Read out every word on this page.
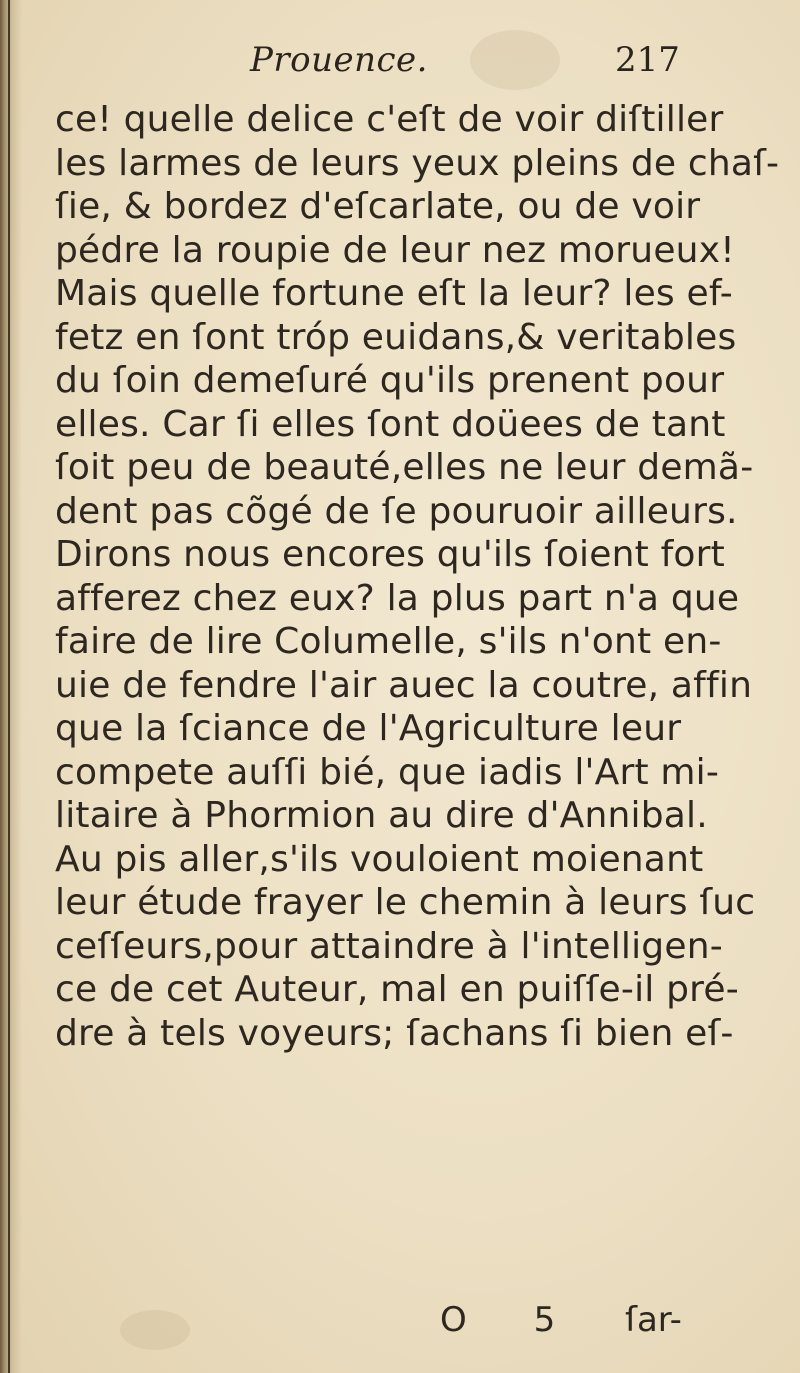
Prouence.	217
ce! quelle delice c'eſt de voir diſtiller
les larmes de leurs yeux pleins de chaſ-
ſie, & bordez d'eſcarlate, ou de voir
pédre la roupie de leur nez morueux!
Mais quelle fortune eſt la leur? les ef-
fetz en ſont tróp euidans,& veritables
du ſoin demeſuré qu'ils prenent pour
elles. Car ſi elles ſont doüees de tant
ſoit peu de beauté,elles ne leur demã-
dent pas cõgé de ſe pouruoir ailleurs.
Dirons nous encores qu'ils ſoient fort
afferez chez eux? la plus part n'a que
faire de lire Columelle, s'ils n'ont en-
uie de fendre l'air auec la coutre, affin
que la ſciance de l'Agriculture leur
compete auſſi bié, que iadis l'Art mi-
litaire à Phormion au dire d'Annibal.
Au pis aller,s'ils vouloient moienant
leur étude frayer le chemin à leurs ſuc
ceſſeurs,pour attaindre à l'intelligen-
ce de cet Auteur, mal en puiſſe-il pré-
dre à tels voyeurs; ſachans ſi bien eſ-
O 5 ſar-
